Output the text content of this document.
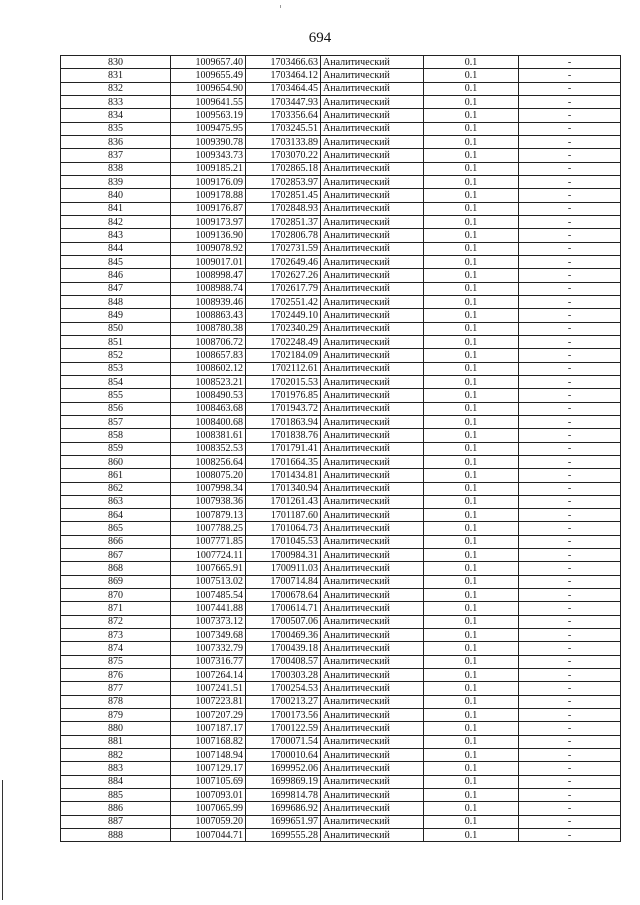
694
830	1009657.40	1703466.63	Аналитический	0.1	-
831	1009655.49	1703464.12	Аналитический	0.1	-
832	1009654.90	1703464.45	Аналитический	0.1	-
833	1009641.55	1703447.93	Аналитический	0.1	-
834	1009563.19	1703356.64	Аналитический	0.1	-
835	1009475.95	1703245.51	Аналитический	0.1	-
836	1009390.78	1703133.89	Аналитический	0.1	-
837	1009343.73	1703070.22	Аналитический	0.1	-
838	1009185.21	1702865.18	Аналитический	0.1	-
839	1009176.09	1702853.97	Аналитический	0.1	-
840	1009178.88	1702851.45	Аналитический	0.1	-
841	1009176.87	1702848.93	Аналитический	0.1	-
842	1009173.97	1702851.37	Аналитический	0.1	-
843	1009136.90	1702806.78	Аналитический	0.1	-
844	1009078.92	1702731.59	Аналитический	0.1	-
845	1009017.01	1702649.46	Аналитический	0.1	-
846	1008998.47	1702627.26	Аналитический	0.1	-
847	1008988.74	1702617.79	Аналитический	0.1	-
848	1008939.46	1702551.42	Аналитический	0.1	-
849	1008863.43	1702449.10	Аналитический	0.1	-
850	1008780.38	1702340.29	Аналитический	0.1	-
851	1008706.72	1702248.49	Аналитический	0.1	-
852	1008657.83	1702184.09	Аналитический	0.1	-
853	1008602.12	1702112.61	Аналитический	0.1	-
854	1008523.21	1702015.53	Аналитический	0.1	-
855	1008490.53	1701976.85	Аналитический	0.1	-
856	1008463.68	1701943.72	Аналитический	0.1	-
857	1008400.68	1701863.94	Аналитический	0.1	-
858	1008381.61	1701838.76	Аналитический	0.1	-
859	1008352.53	1701791.41	Аналитический	0.1	-
860	1008256.64	1701664.35	Аналитический	0.1	-
861	1008075.20	1701434.81	Аналитический	0.1	-
862	1007998.34	1701340.94	Аналитический	0.1	-
863	1007938.36	1701261.43	Аналитический	0.1	-
864	1007879.13	1701187.60	Аналитический	0.1	-
865	1007788.25	1701064.73	Аналитический	0.1	-
866	1007771.85	1701045.53	Аналитический	0.1	-
867	1007724.11	1700984.31	Аналитический	0.1	-
868	1007665.91	1700911.03	Аналитический	0.1	-
869	1007513.02	1700714.84	Аналитический	0.1	-
870	1007485.54	1700678.64	Аналитический	0.1	-
871	1007441.88	1700614.71	Аналитический	0.1	-
872	1007373.12	1700507.06	Аналитический	0.1	-
873	1007349.68	1700469.36	Аналитический	0.1	-
874	1007332.79	1700439.18	Аналитический	0.1	-
875	1007316.77	1700408.57	Аналитический	0.1	-
876	1007264.14	1700303.28	Аналитический	0.1	-
877	1007241.51	1700254.53	Аналитический	0.1	-
878	1007223.81	1700213.27	Аналитический	0.1	-
879	1007207.29	1700173.56	Аналитический	0.1	-
880	1007187.17	1700122.59	Аналитический	0.1	-
881	1007168.82	1700071.54	Аналитический	0.1	-
882	1007148.94	1700010.64	Аналитический	0.1	-
883	1007129.17	1699952.06	Аналитический	0.1	-
884	1007105.69	1699869.19	Аналитический	0.1	-
885	1007093.01	1699814.78	Аналитический	0.1	-
886	1007065.99	1699686.92	Аналитический	0.1	-
887	1007059.20	1699651.97	Аналитический	0.1	-
888	1007044.71	1699555.28	Аналитический	0.1	-
